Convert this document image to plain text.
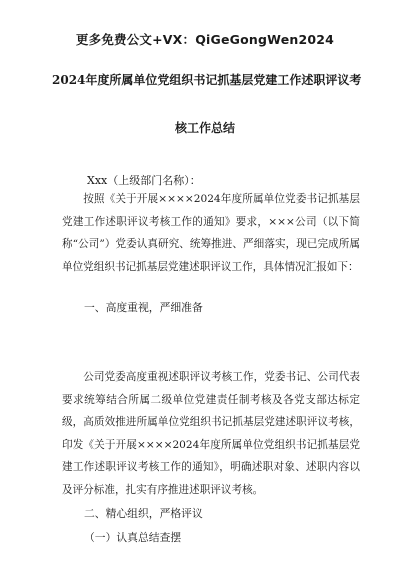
更多免费公文+VX：QiGeGongWen2024
2024年度所属单位党组织书记抓基层党建工作述职评议考
核工作总结
Xxx（上级部门名称）：

按照《关于开展××××2024年度所属单位党委书记抓基层党建工作述职评议考核工作的通知》要求，×××公司（以下简称“公司”）党委认真研究、统筹推进、严细落实，现已完成所属单位党组织书记抓基层党建述职评议工作，具体情况汇报如下：

一、高度重视，严细准备

公司党委高度重视述职评议考核工作，党委书记、公司代表要求统筹结合所属二级单位党建责任制考核及各党支部达标定级，高质效推进所属单位党组织书记抓基层党建述职评议考核，印发《关于开展××××2024年度所属单位党组织书记抓基层党建工作述职评议考核工作的通知》，明确述职对象、述职内容以及评分标准，扎实有序推进述职评议考核。

二、精心组织，严格评议
（一）认真总结查摆
